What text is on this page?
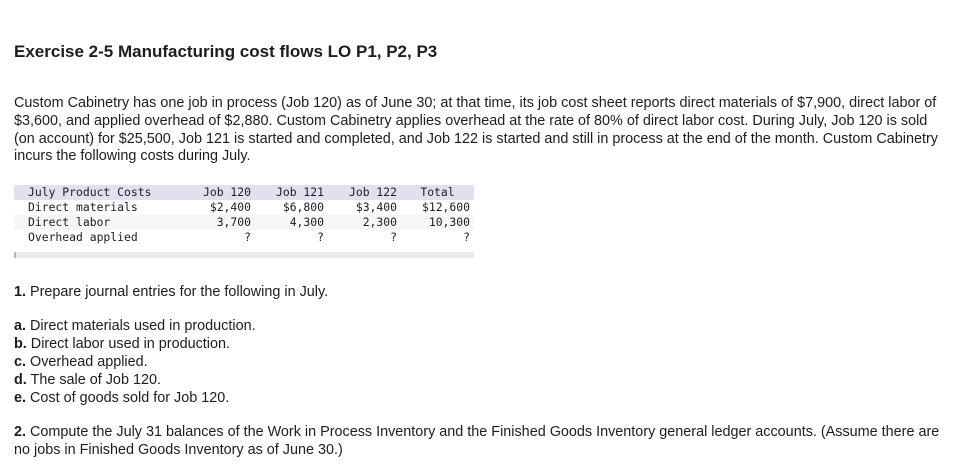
Exercise 2-5 Manufacturing cost flows LO P1, P2, P3

Custom Cabinetry has one job in process (Job 120) as of June 30; at that time, its job cost sheet reports direct materials of $7,900, direct labor of $3,600, and applied overhead of $2,880. Custom Cabinetry applies overhead at the rate of 80% of direct labor cost. During July, Job 120 is sold (on account) for $25,500, Job 121 is started and completed, and Job 122 is started and still in process at the end of the month. Custom Cabinetry incurs the following costs during July.

July Product Costs	Job 120	Job 121	Job 122	Total
Direct materials	$2,400	$6,800	$3,400	$12,600
Direct labor	3,700	4,300	2,300	10,300
Overhead applied	?	?	?	?

1. Prepare journal entries for the following in July.

a. Direct materials used in production.
b. Direct labor used in production.
c. Overhead applied.
d. The sale of Job 120.
e. Cost of goods sold for Job 120.

2. Compute the July 31 balances of the Work in Process Inventory and the Finished Goods Inventory general ledger accounts. (Assume there are no jobs in Finished Goods Inventory as of June 30.)
